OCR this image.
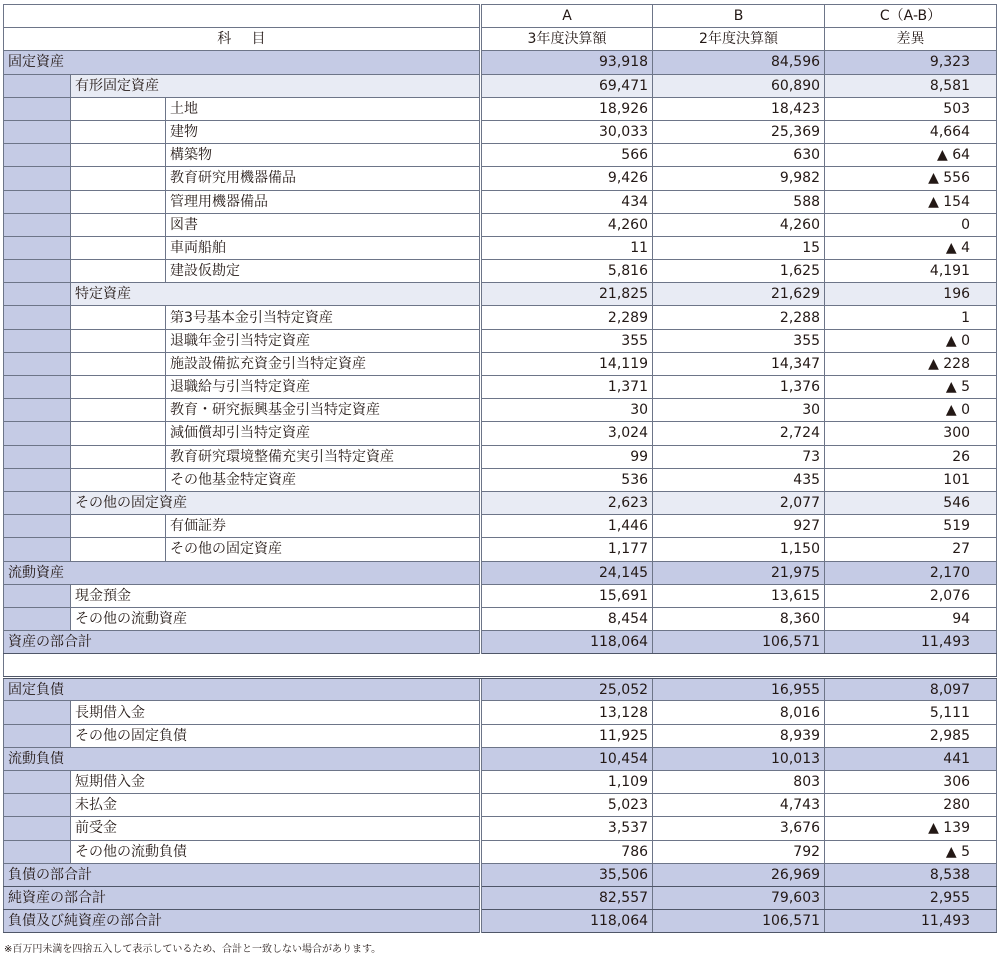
			A	B	C（A-B）
科 目			3年度決算額	2年度決算額	差異
固定資産			93,918	84,596	9,323
	有形固定資産		69,471	60,890	8,581
		土地	18,926	18,423	503
		建物	30,033	25,369	4,664
		構築物	566	630	▲ 64
		教育研究用機器備品	9,426	9,982	▲ 556
		管理用機器備品	434	588	▲ 154
		図書	4,260	4,260	0
		車両船舶	11	15	▲ 4
		建設仮勘定	5,816	1,625	4,191
	特定資産		21,825	21,629	196
		第3号基本金引当特定資産	2,289	2,288	1
		退職年金引当特定資産	355	355	▲ 0
		施設設備拡充資金引当特定資産	14,119	14,347	▲ 228
		退職給与引当特定資産	1,371	1,376	▲ 5
		教育・研究振興基金引当特定資産	30	30	▲ 0
		減価償却引当特定資産	3,024	2,724	300
		教育研究環境整備充実引当特定資産	99	73	26
		その他基金特定資産	536	435	101
	その他の固定資産		2,623	2,077	546
		有価証券	1,446	927	519
		その他の固定資産	1,177	1,150	27
流動資産			24,145	21,975	2,170
	現金預金		15,691	13,615	2,076
	その他の流動資産		8,454	8,360	94
資産の部合計			118,064	106,571	11,493

固定負債			25,052	16,955	8,097
	長期借入金		13,128	8,016	5,111
	その他の固定負債		11,925	8,939	2,985
流動負債			10,454	10,013	441
	短期借入金		1,109	803	306
	未払金		5,023	4,743	280
	前受金		3,537	3,676	▲ 139
	その他の流動負債		786	792	▲ 5
負債の部合計			35,506	26,969	8,538
純資産の部合計			82,557	79,603	2,955
負債及び純資産の部合計			118,064	106,571	11,493
※百万円未満を四捨五入して表示しているため、合計と一致しない場合があります。
